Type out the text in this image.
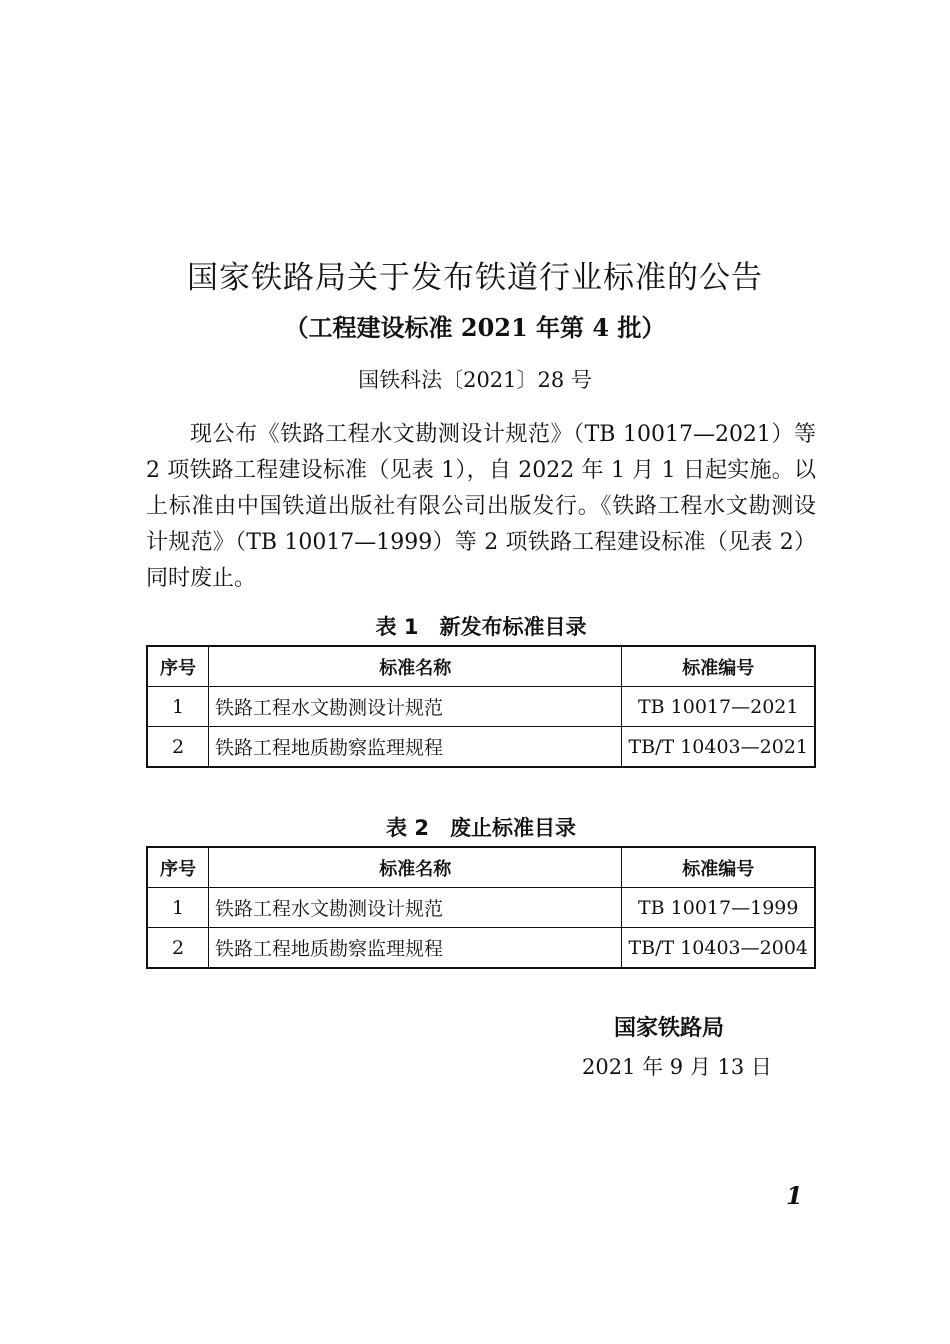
国家铁路局关于发布铁道行业标准的公告
（工程建设标准 2021 年第 4 批）
国铁科法〔2021〕28 号
现公布《铁路工程水文勘测设计规范》（TB 10017—2021）等 2 项铁路工程建设标准（见表 1），自 2022 年 1 月 1 日起实施。以上标准由中国铁道出版社有限公司出版发行。《铁路工程水文勘测设计规范》（TB 10017—1999）等 2 项铁路工程建设标准（见表 2）同时废止。
表 1　新发布标准目录
序号	标准名称	标准编号
1	铁路工程水文勘测设计规范	TB 10017—2021
2	铁路工程地质勘察监理规程	TB/T 10403—2021
表 2　废止标准目录
序号	标准名称	标准编号
1	铁路工程水文勘测设计规范	TB 10017—1999
2	铁路工程地质勘察监理规程	TB/T 10403—2004
国家铁路局
2021 年 9 月 13 日
1
